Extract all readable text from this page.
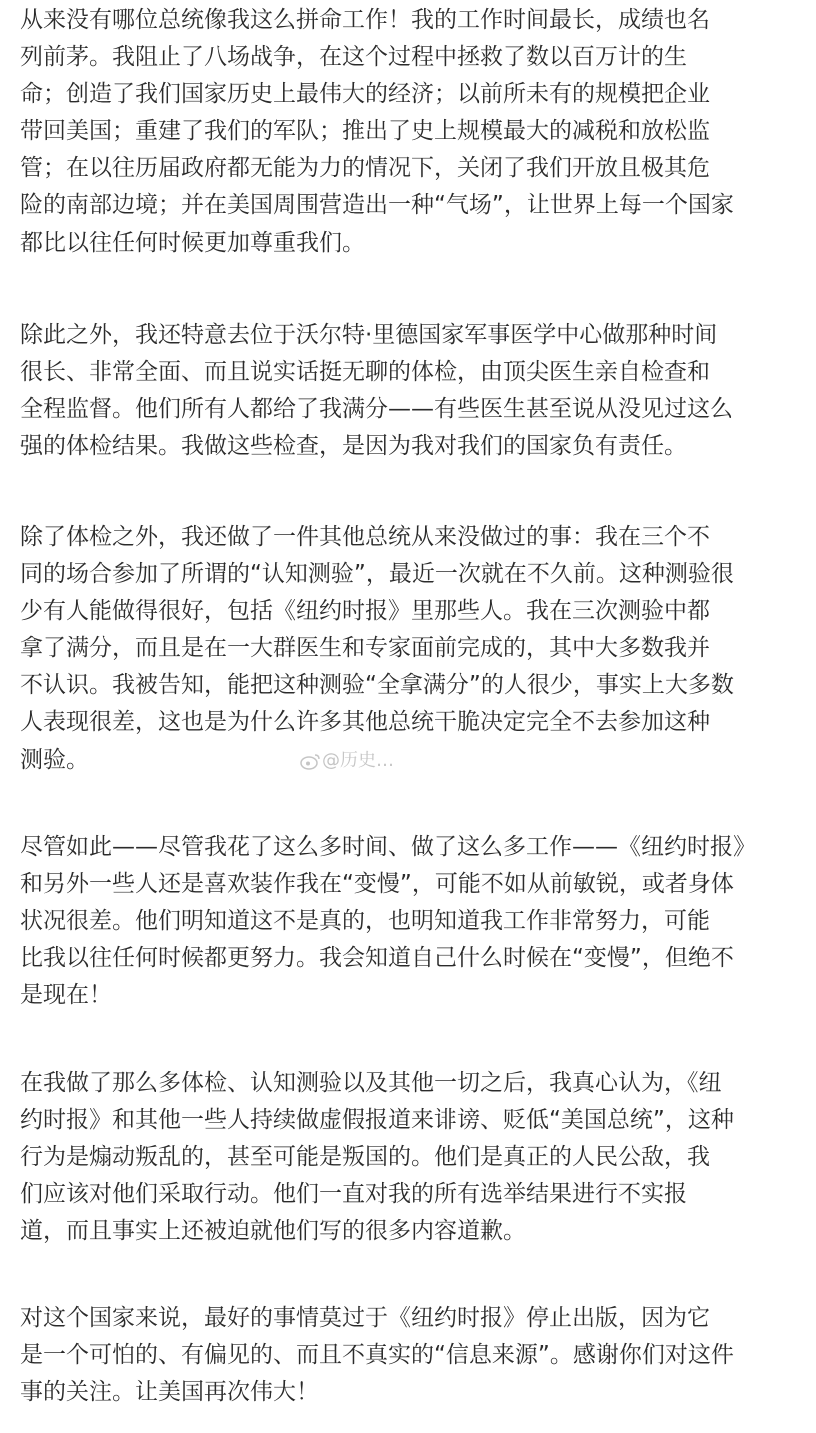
从来没有哪位总统像我这么拼命工作！我的工作时间最长，成绩也名
列前茅。我阻止了八场战争，在这个过程中拯救了数以百万计的生
命；创造了我们国家历史上最伟大的经济；以前所未有的规模把企业
带回美国；重建了我们的军队；推出了史上规模最大的减税和放松监
管；在以往历届政府都无能为力的情况下，关闭了我们开放且极其危
险的南部边境；并在美国周围营造出一种“气场”，让世界上每一个国家
都比以往任何时候更加尊重我们。
除此之外，我还特意去位于沃尔特·里德国家军事医学中心做那种时间
很长、非常全面、而且说实话挺无聊的体检，由顶尖医生亲自检查和
全程监督。他们所有人都给了我满分——有些医生甚至说从没见过这么
强的体检结果。我做这些检查，是因为我对我们的国家负有责任。
除了体检之外，我还做了一件其他总统从来没做过的事：我在三个不
同的场合参加了所谓的“认知测验”，最近一次就在不久前。这种测验很
少有人能做得很好，包括《纽约时报》里那些人。我在三次测验中都
拿了满分，而且是在一大群医生和专家面前完成的，其中大多数我并
不认识。我被告知，能把这种测验“全拿满分”的人很少，事实上大多数
人表现很差，这也是为什么许多其他总统干脆决定完全不去参加这种
测验。
尽管如此——尽管我花了这么多时间、做了这么多工作——《纽约时报》
和另外一些人还是喜欢装作我在“变慢”，可能不如从前敏锐，或者身体
状况很差。他们明知道这不是真的，也明知道我工作非常努力，可能
比我以往任何时候都更努力。我会知道自己什么时候在“变慢”，但绝不
是现在！
在我做了那么多体检、认知测验以及其他一切之后，我真心认为，《纽
约时报》和其他一些人持续做虚假报道来诽谤、贬低“美国总统”，这种
行为是煽动叛乱的，甚至可能是叛国的。他们是真正的人民公敌，我
们应该对他们采取行动。他们一直对我的所有选举结果进行不实报
道，而且事实上还被迫就他们写的很多内容道歉。
对这个国家来说，最好的事情莫过于《纽约时报》停止出版，因为它
是一个可怕的、有偏见的、而且不真实的“信息来源”。感谢你们对这件
事的关注。让美国再次伟大！
@历史…
